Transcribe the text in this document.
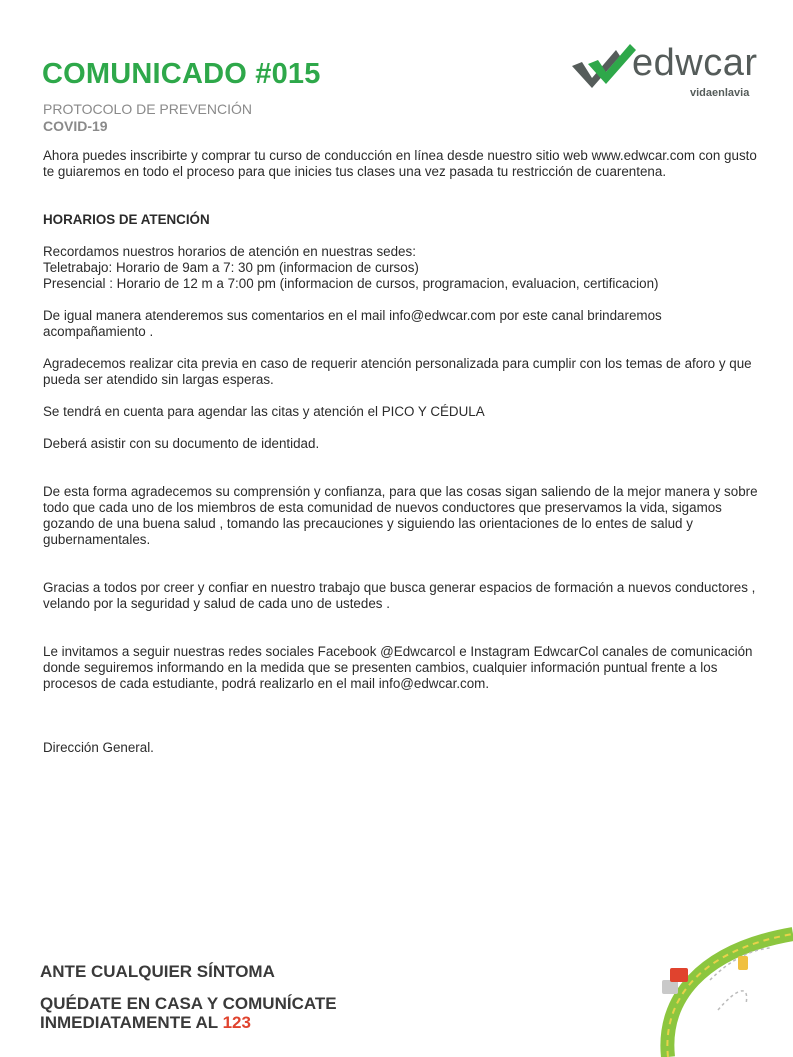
COMUNICADO #015	edwcar
vidaenlavia
PROTOCOLO DE PREVENCIÓN
COVID-19

Ahora puedes inscribirte y comprar tu curso de conducción en línea desde nuestro sitio web www.edwcar.com con gusto te guiaremos en todo el proceso para que inicies tus clases una vez pasada tu restricción de cuarentena.

HORARIOS DE ATENCIÓN

Recordamos nuestros horarios de atención en nuestras sedes:

Teletrabajo: Horario de 9am a 7: 30 pm (informacion de cursos)

Presencial : Horario de 12 m a 7:00 pm (informacion de cursos, programacion, evaluacion, certificacion)

De igual manera atenderemos sus comentarios en el mail info@edwcar.com por este canal brindaremos acompañamiento .

Agradecemos realizar cita previa en caso de requerir atención personalizada para cumplir con los temas de aforo y que pueda ser atendido sin largas esperas.

Se tendrá en cuenta para agendar las citas y atención el PICO Y CÉDULA

Deberá asistir con su documento de identidad.

De esta forma agradecemos su comprensión y confianza, para que las cosas sigan saliendo de la mejor manera y sobre todo que cada uno de los miembros de esta comunidad de nuevos conductores que preservamos la vida, sigamos gozando de una buena salud , tomando las precauciones y siguiendo las orientaciones de lo entes de salud y gubernamentales.

Gracias a todos por creer y confiar en nuestro trabajo que busca generar espacios de formación a nuevos conductores , velando por la seguridad y salud de cada uno de ustedes .

Le invitamos a seguir nuestras redes sociales Facebook @Edwcarcol e Instagram EdwcarCol canales de comunicación donde seguiremos informando en la medida que se presenten cambios, cualquier información puntual frente a los procesos de cada estudiante, podrá realizarlo en el mail info@edwcar.com.

Dirección General.

ANTE CUALQUIER SÍNTOMA
QUÉDATE EN CASA Y COMUNÍCATE
INMEDIATAMENTE AL 123
